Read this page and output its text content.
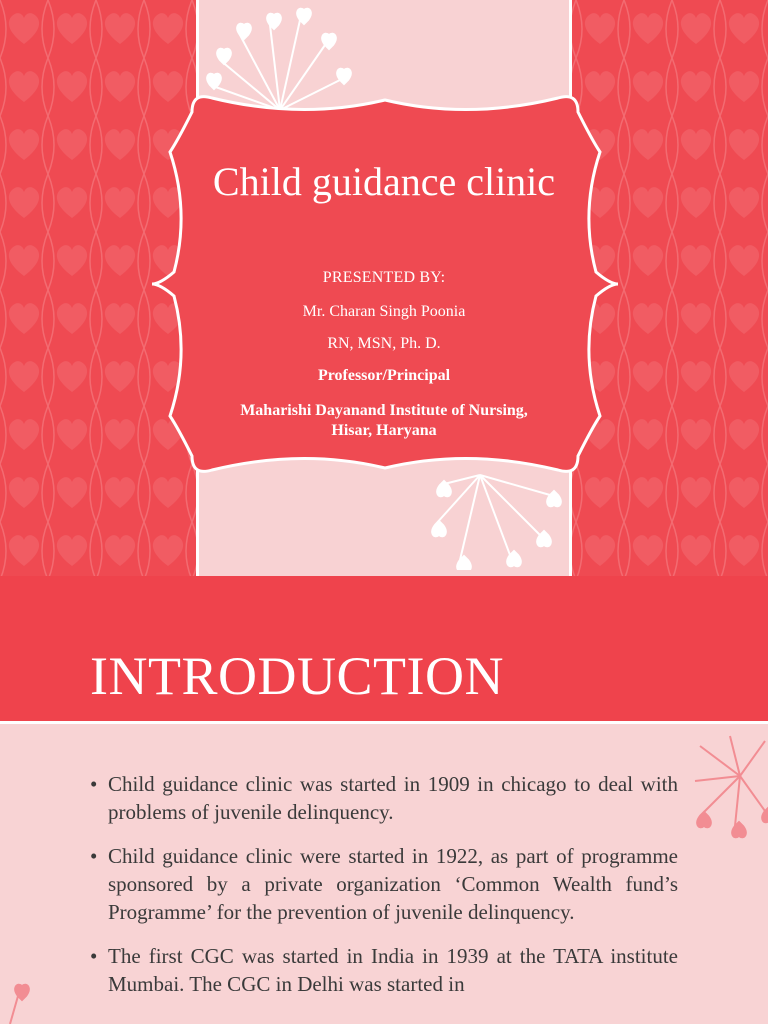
Child guidance clinic
PRESENTED BY:
Mr. Charan Singh Poonia
RN, MSN, Ph. D.
Professor/Principal
Maharishi Dayanand Institute of Nursing, Hisar, Haryana
INTRODUCTION
• Child guidance clinic was started in 1909 in chicago to deal with problems of juvenile delinquency.
• Child guidance clinic were started in 1922, as part of programme sponsored by a private organization ‘Common Wealth fund’s Programme’ for the prevention of juvenile delinquency.
• The first CGC was started in India in 1939 at the TATA institute Mumbai. The CGC in Delhi was started in
